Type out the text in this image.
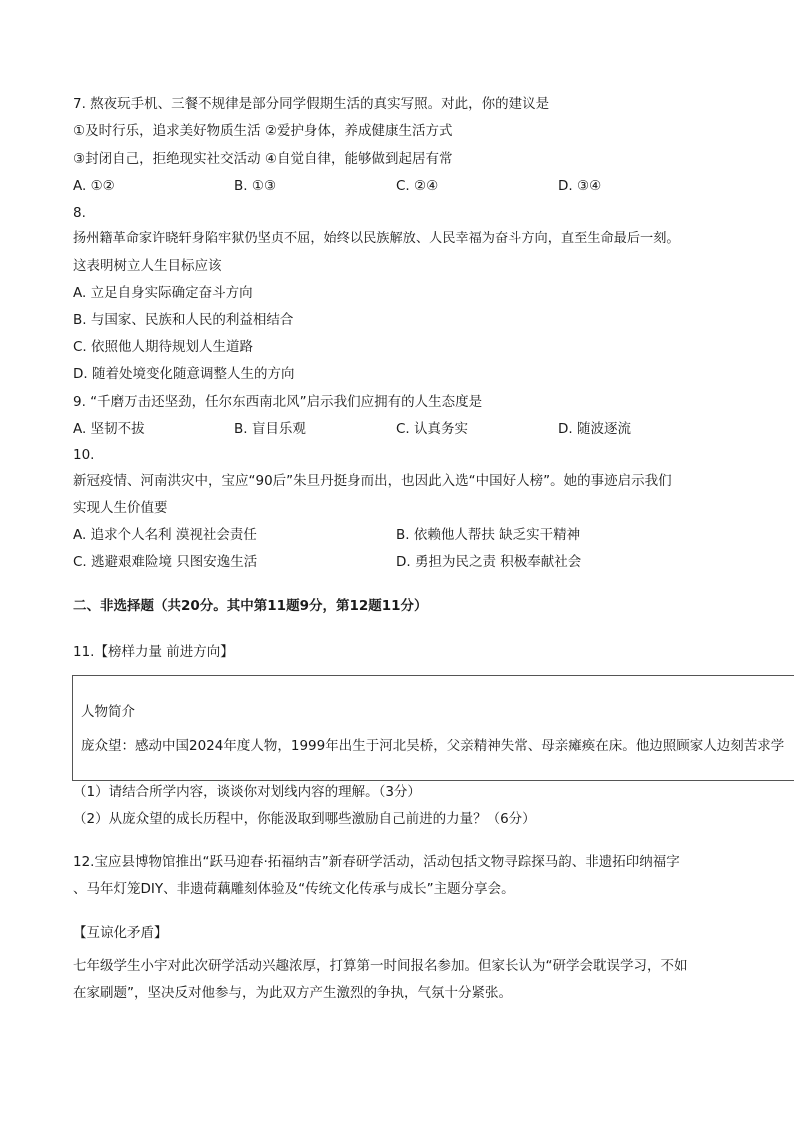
7. 熬夜玩手机、三餐不规律是部分同学假期生活的真实写照。对此，你的建议是
①及时行乐，追求美好物质生活 ②爱护身体，养成健康生活方式
③封闭自己，拒绝现实社交活动 ④自觉自律，能够做到起居有常
A. ①②	B. ①③	C. ②④	D. ③④
8.
扬州籍革命家许晓轩身陷牢狱仍坚贞不屈，始终以民族解放、人民幸福为奋斗方向，直至生命最后一刻。
这表明树立人生目标应该
A. 立足自身实际确定奋斗方向
B. 与国家、民族和人民的利益相结合
C. 依照他人期待规划人生道路
D. 随着处境变化随意调整人生的方向
9. “千磨万击还坚劲，任尔东西南北风”启示我们应拥有的人生态度是
A. 坚韧不拔	B. 盲目乐观	C. 认真务实	D. 随波逐流
10.
新冠疫情、河南洪灾中，宝应“90后”朱旦丹挺身而出，也因此入选“中国好人榜”。她的事迹启示我们
实现人生价值要
A. 追求个人名利 漠视社会责任	B. 依赖他人帮扶 缺乏实干精神
C. 逃避艰难险境 只图安逸生活	D. 勇担为民之责 积极奉献社会
二、非选择题（共20分。其中第11题9分，第12题11分）
11.【榜样力量 前进方向】
人物简介
庞众望：感动中国2024年度人物，1999年出生于河北吴桥，父亲精神失常、母亲瘫痪在床。他边照顾家人边刻苦求学
（1）请结合所学内容，谈谈你对划线内容的理解。（3分）
（2）从庞众望的成长历程中，你能汲取到哪些激励自己前进的力量？（6分）
12.宝应县博物馆推出“跃马迎春·拓福纳吉”新春研学活动，活动包括文物寻踪探马韵、非遗拓印纳福字
、马年灯笼DIY、非遗荷藕雕刻体验及“传统文化传承与成长”主题分享会。
【互谅化矛盾】
七年级学生小宇对此次研学活动兴趣浓厚，打算第一时间报名参加。但家长认为“研学会耽误学习，不如
在家刷题”，坚决反对他参与，为此双方产生激烈的争执，气氛十分紧张。
